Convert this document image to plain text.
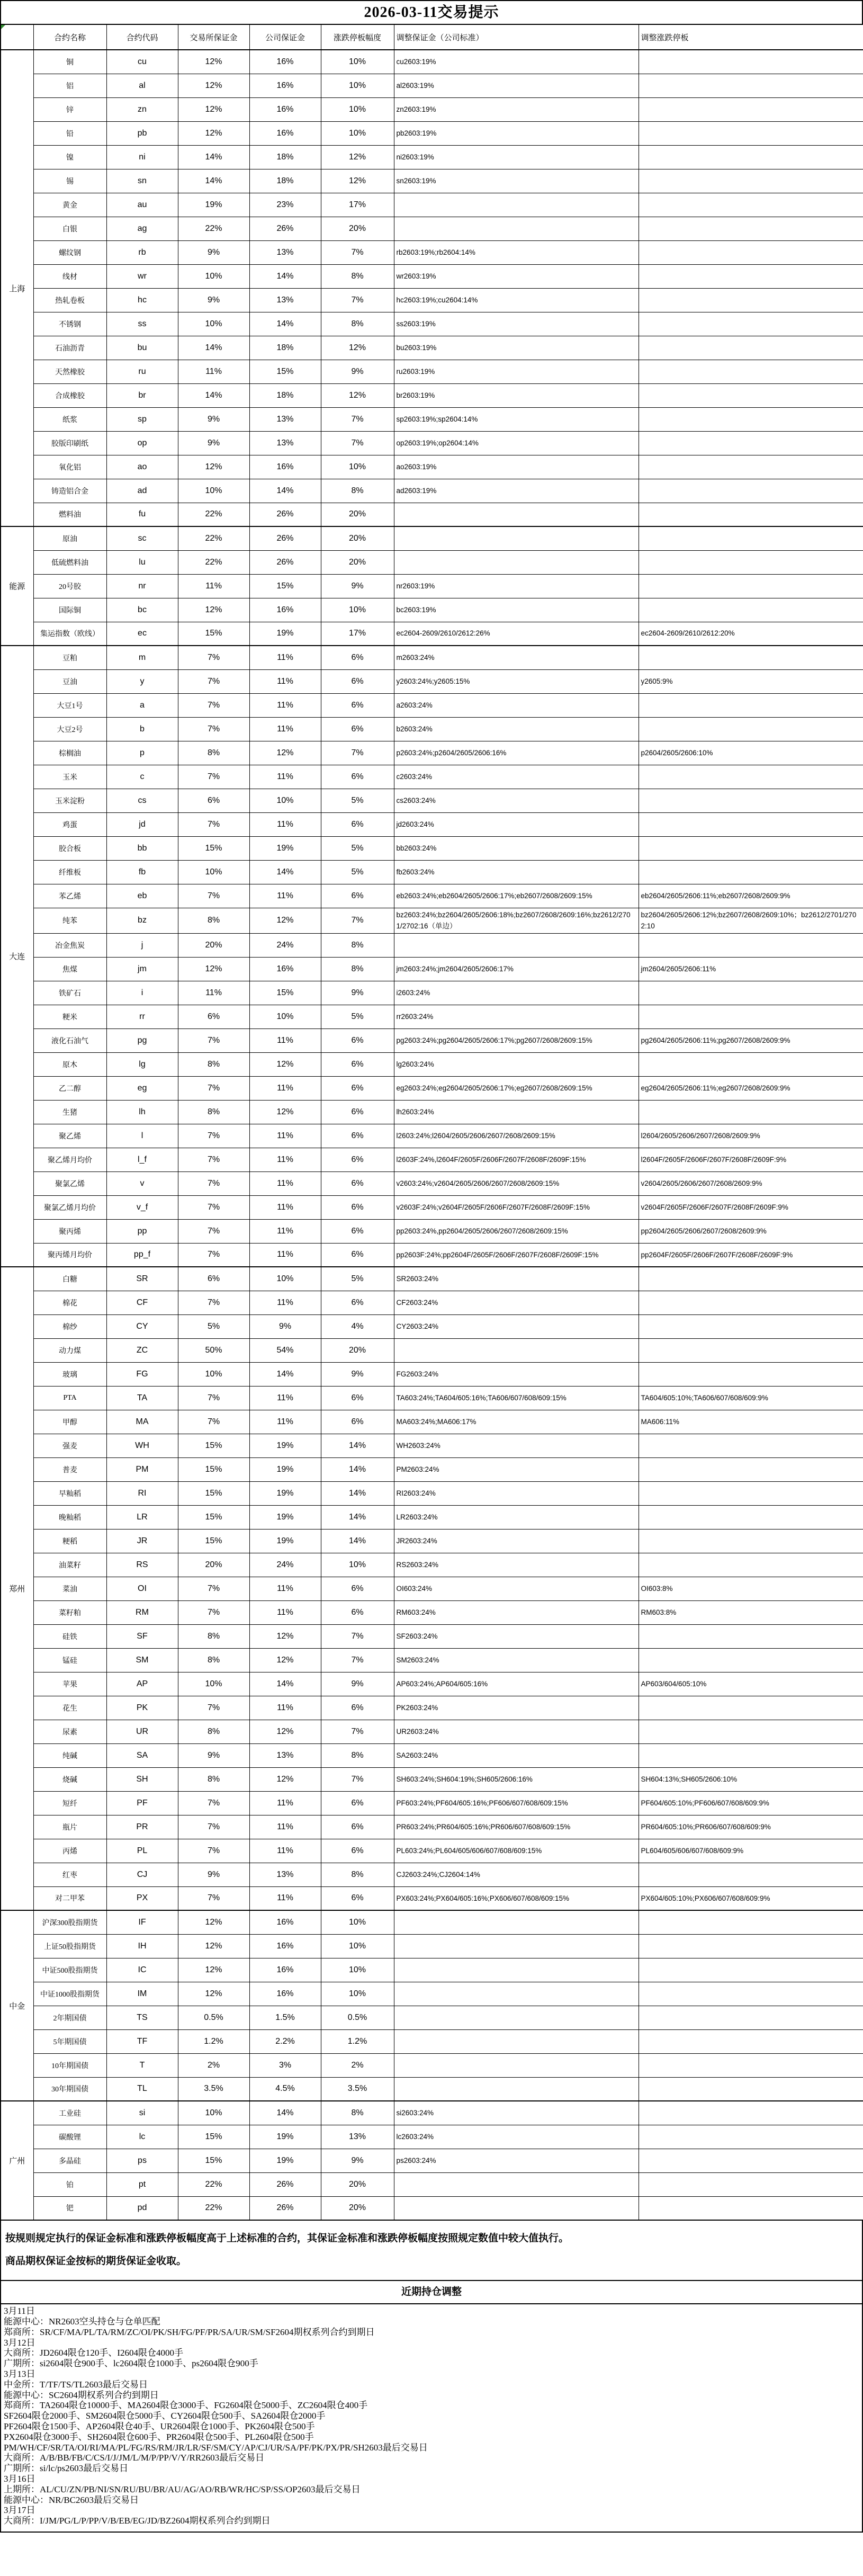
2026-03-11交易提示
	合约名称	合约代码	交易所保证金	公司保证金	涨跌停板幅度	调整保证金（公司标准）	调整涨跌停板
上海	铜	cu	12%	16%	10%	cu2603:19%	
	铝	al	12%	16%	10%	al2603:19%	
	锌	zn	12%	16%	10%	zn2603:19%	
	铅	pb	12%	16%	10%	pb2603:19%	
	镍	ni	14%	18%	12%	ni2603:19%	
	锡	sn	14%	18%	12%	sn2603:19%	
	黄金	au	19%	23%	17%		
	白银	ag	22%	26%	20%		
	螺纹钢	rb	9%	13%	7%	rb2603:19%;rb2604:14%	
	线材	wr	10%	14%	8%	wr2603:19%	
	热轧卷板	hc	9%	13%	7%	hc2603:19%;cu2604:14%	
	不锈钢	ss	10%	14%	8%	ss2603:19%	
	石油沥青	bu	14%	18%	12%	bu2603:19%	
	天然橡胶	ru	11%	15%	9%	ru2603:19%	
	合成橡胶	br	14%	18%	12%	br2603:19%	
	纸浆	sp	9%	13%	7%	sp2603:19%;sp2604:14%	
	胶版印刷纸	op	9%	13%	7%	op2603:19%;op2604:14%	
	氧化铝	ao	12%	16%	10%	ao2603:19%	
	铸造铝合金	ad	10%	14%	8%	ad2603:19%	
	燃料油	fu	22%	26%	20%		
能源	原油	sc	22%	26%	20%		
	低硫燃料油	lu	22%	26%	20%		
	20号胶	nr	11%	15%	9%	nr2603:19%	
	国际铜	bc	12%	16%	10%	bc2603:19%	
	集运指数（欧线）	ec	15%	19%	17%	ec2604-2609/2610/2612:26%	ec2604-2609/2610/2612:20%
大连	豆粕	m	7%	11%	6%	m2603:24%	
	豆油	y	7%	11%	6%	y2603:24%;y2605:15%	y2605:9%
	大豆1号	a	7%	11%	6%	a2603:24%	
	大豆2号	b	7%	11%	6%	b2603:24%	
	棕榈油	p	8%	12%	7%	p2603:24%;p2604/2605/2606:16%	p2604/2605/2606:10%
	玉米	c	7%	11%	6%	c2603:24%	
	玉米淀粉	cs	6%	10%	5%	cs2603:24%	
	鸡蛋	jd	7%	11%	6%	jd2603:24%	
	胶合板	bb	15%	19%	5%	bb2603:24%	
	纤维板	fb	10%	14%	5%	fb2603:24%	
	苯乙烯	eb	7%	11%	6%	eb2603:24%;eb2604/2605/2606:17%;eb2607/2608/2609:15%	eb2604/2605/2606:11%;eb2607/2608/2609:9%
	纯苯	bz	8%	12%	7%	bz2603:24%;bz2604/2605/2606:18%;bz2607/2608/2609:16%;bz2612/2701/2702:16（单边）	bz2604/2605/2606:12%;bz2607/2608/2609:10%；bz2612/2701/2702:10
	冶金焦炭	j	20%	24%	8%		
	焦煤	jm	12%	16%	8%	jm2603:24%;jm2604/2605/2606:17%	jm2604/2605/2606:11%
	铁矿石	i	11%	15%	9%	i2603:24%	
	粳米	rr	6%	10%	5%	rr2603:24%	
	液化石油气	pg	7%	11%	6%	pg2603:24%;pg2604/2605/2606:17%;pg2607/2608/2609:15%	pg2604/2605/2606:11%;pg2607/2608/2609:9%
	原木	lg	8%	12%	6%	lg2603:24%	
	乙二醇	eg	7%	11%	6%	eg2603:24%;eg2604/2605/2606:17%;eg2607/2608/2609:15%	eg2604/2605/2606:11%;eg2607/2608/2609:9%
	生猪	lh	8%	12%	6%	lh2603:24%	
	聚乙烯	l	7%	11%	6%	l2603:24%;l2604/2605/2606/2607/2608/2609:15%	l2604/2605/2606/2607/2608/2609:9%
	聚乙烯月均价	l_f	7%	11%	6%	l2603F:24%,l2604F/2605F/2606F/2607F/2608F/2609F:15%	l2604F/2605F/2606F/2607F/2608F/2609F:9%
	聚氯乙烯	v	7%	11%	6%	v2603:24%;v2604/2605/2606/2607/2608/2609:15%	v2604/2605/2606/2607/2608/2609:9%
	聚氯乙烯月均价	v_f	7%	11%	6%	v2603F:24%;v2604F/2605F/2606F/2607F/2608F/2609F:15%	v2604F/2605F/2606F/2607F/2608F/2609F:9%
	聚丙烯	pp	7%	11%	6%	pp2603:24%,pp2604/2605/2606/2607/2608/2609:15%	pp2604/2605/2606/2607/2608/2609:9%
	聚丙烯月均价	pp_f	7%	11%	6%	pp2603F:24%;pp2604F/2605F/2606F/2607F/2608F/2609F:15%	pp2604F/2605F/2606F/2607F/2608F/2609F:9%
郑州	白糖	SR	6%	10%	5%	SR2603:24%	
	棉花	CF	7%	11%	6%	CF2603:24%	
	棉纱	CY	5%	9%	4%	CY2603:24%	
	动力煤	ZC	50%	54%	20%		
	玻璃	FG	10%	14%	9%	FG2603:24%	
	PTA	TA	7%	11%	6%	TA603:24%;TA604/605:16%;TA606/607/608/609:15%	TA604/605:10%;TA606/607/608/609:9%
	甲醇	MA	7%	11%	6%	MA603:24%;MA606:17%	MA606:11%
	强麦	WH	15%	19%	14%	WH2603:24%	
	普麦	PM	15%	19%	14%	PM2603:24%	
	早籼稻	RI	15%	19%	14%	RI2603:24%	
	晚籼稻	LR	15%	19%	14%	LR2603:24%	
	粳稻	JR	15%	19%	14%	JR2603:24%	
	油菜籽	RS	20%	24%	10%	RS2603:24%	
	菜油	OI	7%	11%	6%	OI603:24%	OI603:8%
	菜籽粕	RM	7%	11%	6%	RM603:24%	RM603:8%
	硅铁	SF	8%	12%	7%	SF2603:24%	
	锰硅	SM	8%	12%	7%	SM2603:24%	
	苹果	AP	10%	14%	9%	AP603:24%;AP604/605:16%	AP603/604/605:10%
	花生	PK	7%	11%	6%	PK2603:24%	
	尿素	UR	8%	12%	7%	UR2603:24%	
	纯碱	SA	9%	13%	8%	SA2603:24%	
	烧碱	SH	8%	12%	7%	SH603:24%;SH604:19%;SH605/2606:16%	SH604:13%;SH605/2606:10%
	短纤	PF	7%	11%	6%	PF603:24%;PF604/605:16%;PF606/607/608/609:15%	PF604/605:10%;PF606/607/608/609:9%
	瓶片	PR	7%	11%	6%	PR603:24%;PR604/605:16%;PR606/607/608/609:15%	PR604/605:10%;PR606/607/608/609:9%
	丙烯	PL	7%	11%	6%	PL603:24%;PL604/605/606/607/608/609:15%	PL604/605/606/607/608/609:9%
	红枣	CJ	9%	13%	8%	CJ2603:24%;CJ2604:14%	
	对二甲苯	PX	7%	11%	6%	PX603:24%;PX604/605:16%;PX606/607/608/609:15%	PX604/605:10%;PX606/607/608/609:9%
中金	沪深300股指期货	IF	12%	16%	10%		
	上证50股指期货	IH	12%	16%	10%		
	中证500股指期货	IC	12%	16%	10%		
	中证1000股指期货	IM	12%	16%	10%		
	2年期国债	TS	0.5%	1.5%	0.5%		
	5年期国债	TF	1.2%	2.2%	1.2%		
	10年期国债	T	2%	3%	2%		
	30年期国债	TL	3.5%	4.5%	3.5%		
广州	工业硅	si	10%	14%	8%	si2603:24%	
	碳酸锂	lc	15%	19%	13%	lc2603:24%	
	多晶硅	ps	15%	19%	9%	ps2603:24%	
	铂	pt	22%	26%	20%		
	钯	pd	22%	26%	20%		
按规则规定执行的保证金标准和涨跌停板幅度高于上述标准的合约，其保证金标准和涨跌停板幅度按照规定数值中较大值执行。
商品期权保证金按标的期货保证金收取。
近期持仓调整
3月11日
能源中心：NR2603空头持仓与仓单匹配
郑商所：SR/CF/MA/PL/TA/RM/ZC/OI/PK/SH/FG/PF/PR/SA/UR/SM/SF2604期权系列合约到期日
3月12日
大商所：JD2604限仓120手、I2604限仓4000手
广期所：si2604限仓900手、lc2604限仓1000手、ps2604限仓900手
3月13日
中金所：T/TF/TS/TL2603最后交易日
能源中心：SC2604期权系列合约到期日
郑商所：TA2604限仓10000手、MA2604限仓3000手、FG2604限仓5000手、ZC2604限仓400手
SF2604限仓2000手、SM2604限仓5000手、CY2604限仓500手、SA2604限仓2000手
PF2604限仓1500手、AP2604限仓40手、UR2604限仓1000手、PK2604限仓500手
PX2604限仓3000手、SH2604限仓600手、PR2604限仓500手、PL2604限仓500手
PM/WH/CF/SR/TA/OI/RI/MA/PL/FG/RS/RM/JR/LR/SF/SM/CY/AP/CJ/UR/SA/PF/PK/PX/PR/SH2603最后交易日
大商所：A/B/BB/FB/C/CS/I/J/JM/L/M/P/PP/V/Y/RR2603最后交易日
广期所：si/lc/ps2603最后交易日
3月16日
上期所：AL/CU/ZN/PB/NI/SN/RU/BU/BR/AU/AG/AO/RB/WR/HC/SP/SS/OP2603最后交易日
能源中心：NR/BC2603最后交易日
3月17日
大商所：I/JM/PG/L/P/PP/V/B/EB/EG/JD/BZ2604期权系列合约到期日
